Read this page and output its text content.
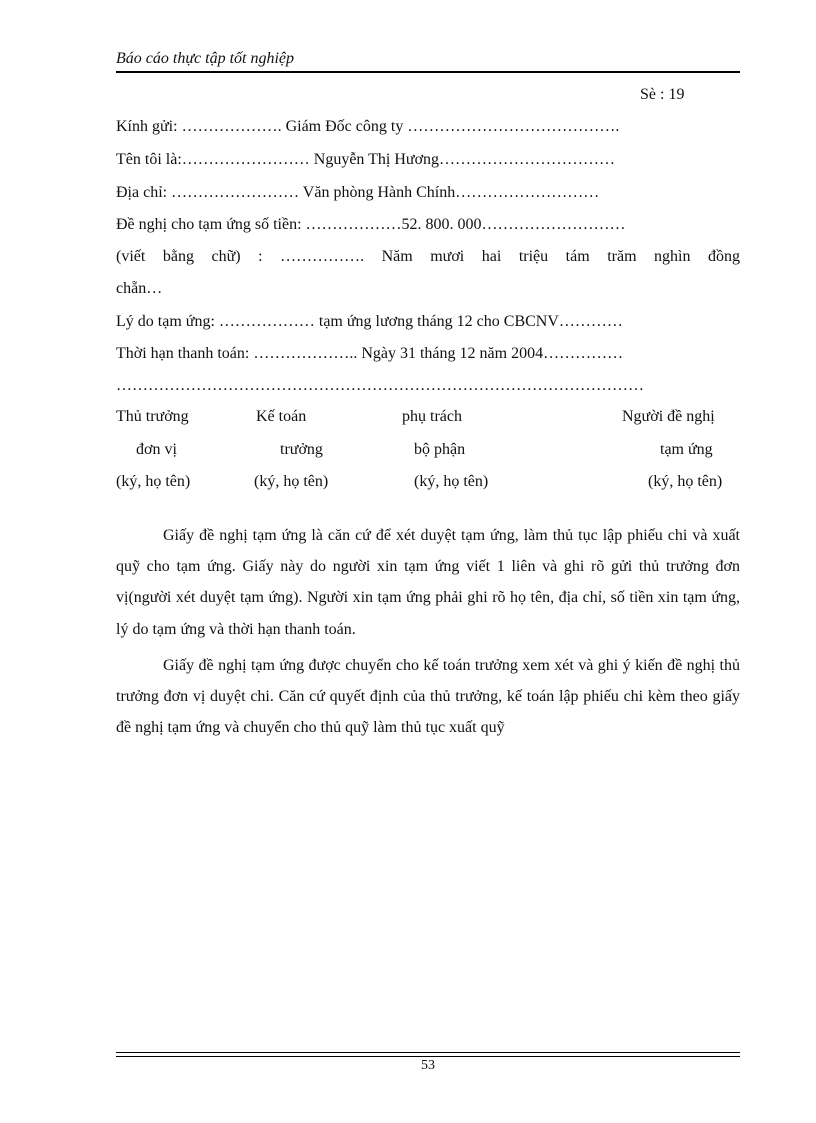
Báo cáo thực tập tốt nghiệp
Sè : 19
Kính gửi: ………………. Giám Đốc công ty ………………………………….
Tên tôi là:…………………… Nguyễn Thị Hương……………………………
Địa chỉ: …………………… Văn phòng Hành Chính………………………
Đề nghị cho tạm ứng số tiền: ………………52. 800. 000………………………
(viết bằng chữ) : ……………. Năm mươi hai triệu tám trăm nghìn đồng
chẵn…
Lý do tạm ứng: ……………… tạm ứng lương tháng 12 cho CBCNV…………
Thời hạn thanh toán: ……………….. Ngày 31 tháng 12 năm 2004……………
………………………………………………………………………………………
Thủ trưởng
đơn vị
(ký, họ tên)
Kế toán
trưởng
(ký, họ tên)
phụ trách
bộ phận
(ký, họ tên)
Người đề nghị
tạm ứng
(ký, họ tên)

Giấy đề nghị tạm ứng là căn cứ để xét duyệt tạm ứng, làm thủ tục lập phiếu chi và xuất quỹ cho tạm ứng. Giấy này do người xin tạm ứng viết 1 liên và ghi rõ gửi thủ trưởng đơn vị(người xét duyệt tạm ứng). Người xin tạm ứng phải ghi rõ họ tên, địa chỉ, số tiền xin tạm ứng, lý do tạm ứng và thời hạn thanh toán.

Giấy đề nghị tạm ứng được chuyển cho kế toán trưởng xem xét và ghi ý kiến đề nghị thủ trưởng đơn vị duyệt chi. Căn cứ quyết định của thủ trưởng, kế toán lập phiếu chi kèm theo giấy đề nghị tạm ứng và chuyển cho thủ quỹ làm thủ tục xuất quỹ

53
